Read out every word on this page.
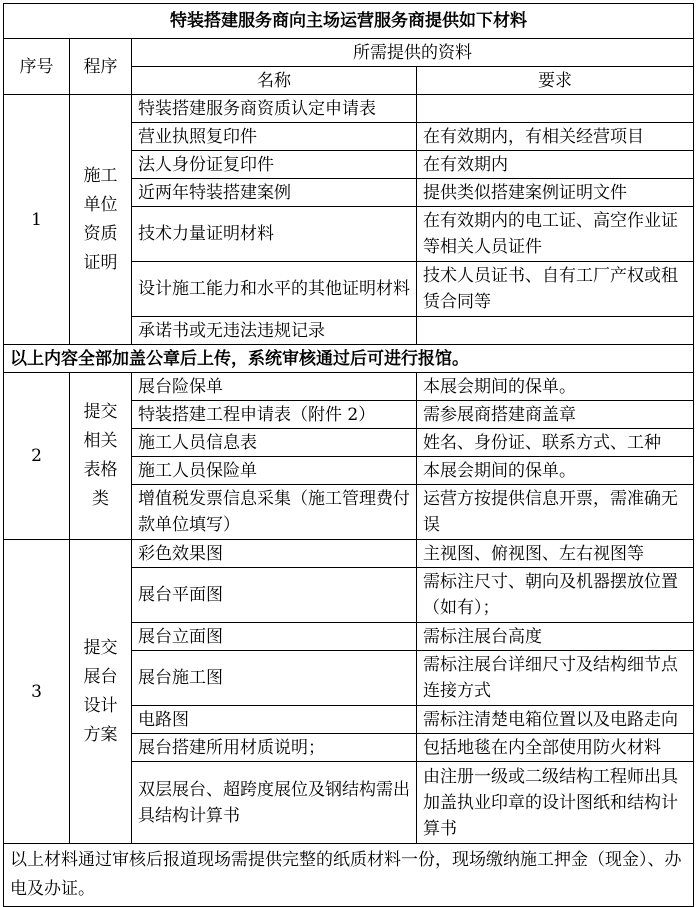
特装搭建服务商向主场运营服务商提供如下材料			
序号	程序	所需提供的资料	
		名称	要求
1	施工单位资质证明	特装搭建服务商资质认定申请表	
		营业执照复印件	在有效期内，有相关经营项目
		法人身份证复印件	在有效期内
		近两年特装搭建案例	提供类似搭建案例证明文件
		技术力量证明材料	在有效期内的电工证、高空作业证等相关人员证件
		设计施工能力和水平的其他证明材料	技术人员证书、自有工厂产权或租赁合同等
		承诺书或无违法违规记录	
以上内容全部加盖公章后上传，系统审核通过后可进行报馆。			
2	提交相关表格类	展台险保单	本展会期间的保单。
		特装搭建工程申请表（附件 2）	需参展商搭建商盖章
		施工人员信息表	姓名、身份证、联系方式、工种
		施工人员保险单	本展会期间的保单。
		增值税发票信息采集（施工管理费付款单位填写）	运营方按提供信息开票，需准确无误
3	提交展台设计方案	彩色效果图	主视图、俯视图、左右视图等
		展台平面图	需标注尺寸、朝向及机器摆放位置（如有）；
		展台立面图	需标注展台高度
		展台施工图	需标注展台详细尺寸及结构细节点连接方式
		电路图	需标注清楚电箱位置以及电路走向
		展台搭建所用材质说明；	包括地毯在内全部使用防火材料
		双层展台、超跨度展位及钢结构需出具结构计算书	由注册一级或二级结构工程师出具加盖执业印章的设计图纸和结构计算书
以上材料通过审核后报道现场需提供完整的纸质材料一份，现场缴纳施工押金（现金）、办电及办证。			
